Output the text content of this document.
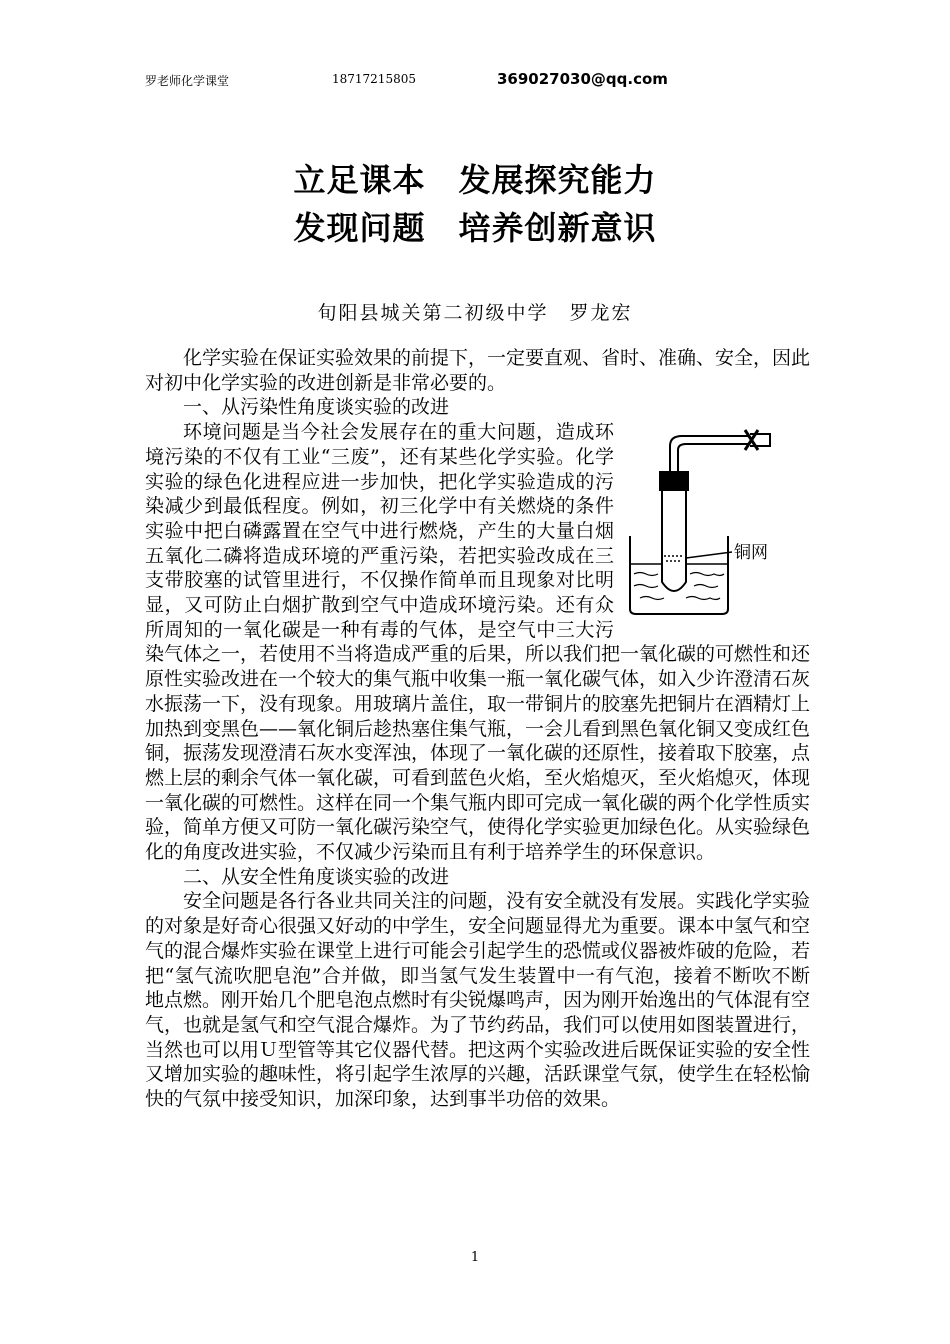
罗老师化学课堂	18717215805	369027030@qq.com
立足课本　发展探究能力
发现问题　培养创新意识
旬阳县城关第二初级中学　罗龙宏

化学实验在保证实验效果的前提下，一定要直观、省时、准确、安全，因此对初中化学实验的改进创新是非常必要的。

一、从污染性角度谈实验的改进

铜网
环境问题是当今社会发展存在的重大问题，造成环境污染的不仅有工业“三废”，还有某些化学实验。化学实验的绿色化进程应进一步加快，把化学实验造成的污染减少到最低程度。例如，初三化学中有关燃烧的条件实验中把白磷露置在空气中进行燃烧，产生的大量白烟五氧化二磷将造成环境的严重污染，若把实验改成在三支带胶塞的试管里进行，不仅操作简单而且现象对比明显，又可防止白烟扩散到空气中造成环境污染。还有众所周知的一氧化碳是一种有毒的气体，是空气中三大污染气体之一，若使用不当将造成严重的后果，所以我们把一氧化碳的可燃性和还原性实验改进在一个较大的集气瓶中收集一瓶一氧化碳气体，如入少许澄清石灰水振荡一下，没有现象。用玻璃片盖住，取一带铜片的胶塞先把铜片在酒精灯上加热到变黑色——氧化铜后趁热塞住集气瓶，一会儿看到黑色氧化铜又变成红色铜，振荡发现澄清石灰水变浑浊，体现了一氧化碳的还原性，接着取下胶塞，点燃上层的剩余气体一氧化碳，可看到蓝色火焰，至火焰熄灭，至火焰熄灭，体现一氧化碳的可燃性。这样在同一个集气瓶内即可完成一氧化碳的两个化学性质实验，简单方便又可防一氧化碳污染空气，使得化学实验更加绿色化。从实验绿色化的角度改进实验，不仅减少污染而且有利于培养学生的环保意识。

二、从安全性角度谈实验的改进

安全问题是各行各业共同关注的问题，没有安全就没有发展。实践化学实验的对象是好奇心很强又好动的中学生，安全问题显得尤为重要。课本中氢气和空气的混合爆炸实验在课堂上进行可能会引起学生的恐慌或仪器被炸破的危险，若把“氢气流吹肥皂泡”合并做，即当氢气发生装置中一有气泡，接着不断吹不断地点燃。刚开始几个肥皂泡点燃时有尖锐爆鸣声，因为刚开始逸出的气体混有空气，也就是氢气和空气混合爆炸。为了节约药品，我们可以使用如图装置进行，当然也可以用Ｕ型管等其它仪器代替。把这两个实验改进后既保证实验的安全性又增加实验的趣味性，将引起学生浓厚的兴趣，活跃课堂气氛，使学生在轻松愉快的气氛中接受知识，加深印象，达到事半功倍的效果。

1
